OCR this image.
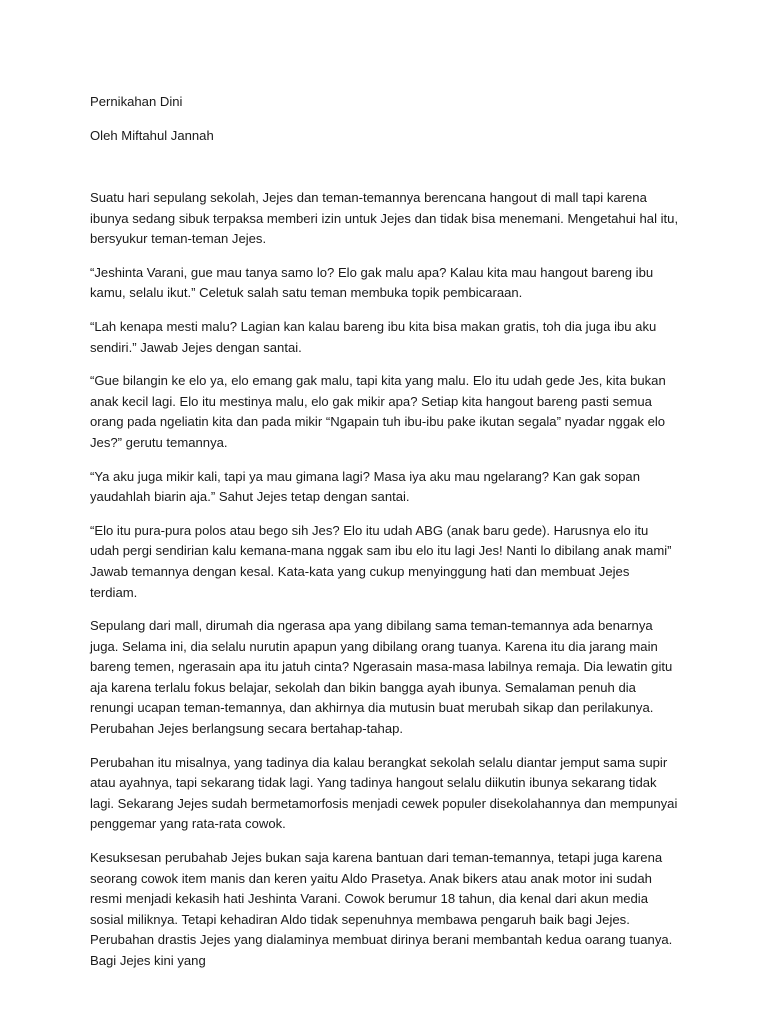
Pernikahan Dini
Oleh Miftahul Jannah

Suatu hari sepulang sekolah, Jejes dan teman-temannya berencana hangout di mall tapi karena ibunya sedang sibuk terpaksa memberi izin untuk Jejes dan tidak bisa menemani. Mengetahui hal itu, bersyukur teman-teman Jejes.

“Jeshinta Varani, gue mau tanya samo lo? Elo gak malu apa? Kalau kita mau hangout bareng ibu kamu, selalu ikut.” Celetuk salah satu teman membuka topik pembicaraan.

“Lah kenapa mesti malu? Lagian kan kalau bareng ibu kita bisa makan gratis, toh dia juga ibu aku sendiri.” Jawab Jejes dengan santai.

“Gue bilangin ke elo ya, elo emang gak malu, tapi kita yang malu. Elo itu udah gede Jes, kita bukan anak kecil lagi. Elo itu mestinya malu, elo gak mikir apa? Setiap kita hangout bareng pasti semua orang pada ngeliatin kita dan pada mikir “Ngapain tuh ibu-ibu pake ikutan segala” nyadar nggak elo Jes?” gerutu temannya.

“Ya aku juga mikir kali, tapi ya mau gimana lagi? Masa iya aku mau ngelarang? Kan gak sopan yaudahlah biarin aja.” Sahut Jejes tetap dengan santai.

“Elo itu pura-pura polos atau bego sih Jes? Elo itu udah ABG (anak baru gede). Harusnya elo itu udah pergi sendirian kalu kemana-mana nggak sam ibu elo itu lagi Jes! Nanti lo dibilang anak mami” Jawab temannya dengan kesal. Kata-kata yang cukup menyinggung hati dan membuat Jejes terdiam.

Sepulang dari mall, dirumah dia ngerasa apa yang dibilang sama teman-temannya ada benarnya juga. Selama ini, dia selalu nurutin apapun yang dibilang orang tuanya. Karena itu dia jarang main bareng temen, ngerasain apa itu jatuh cinta? Ngerasain masa-masa labilnya remaja. Dia lewatin gitu aja karena terlalu fokus belajar, sekolah dan bikin bangga ayah ibunya. Semalaman penuh dia renungi ucapan teman-temannya, dan akhirnya dia mutusin buat merubah sikap dan perilakunya. Perubahan Jejes berlangsung secara bertahap-tahap.

Perubahan itu misalnya, yang tadinya dia kalau berangkat sekolah selalu diantar jemput sama supir atau ayahnya, tapi sekarang tidak lagi. Yang tadinya hangout selalu diikutin ibunya sekarang tidak lagi. Sekarang Jejes sudah bermetamorfosis menjadi cewek populer disekolahannya dan mempunyai penggemar yang rata-rata cowok.

Kesuksesan perubahab Jejes bukan saja karena bantuan dari teman-temannya, tetapi juga karena seorang cowok item manis dan keren yaitu Aldo Prasetya. Anak bikers atau anak motor ini sudah resmi menjadi kekasih hati Jeshinta Varani. Cowok berumur 18 tahun, dia kenal dari akun media sosial miliknya. Tetapi kehadiran Aldo tidak sepenuhnya membawa pengaruh baik bagi Jejes. Perubahan drastis Jejes yang dialaminya membuat dirinya berani membantah kedua oarang tuanya. Bagi Jejes kini yang
